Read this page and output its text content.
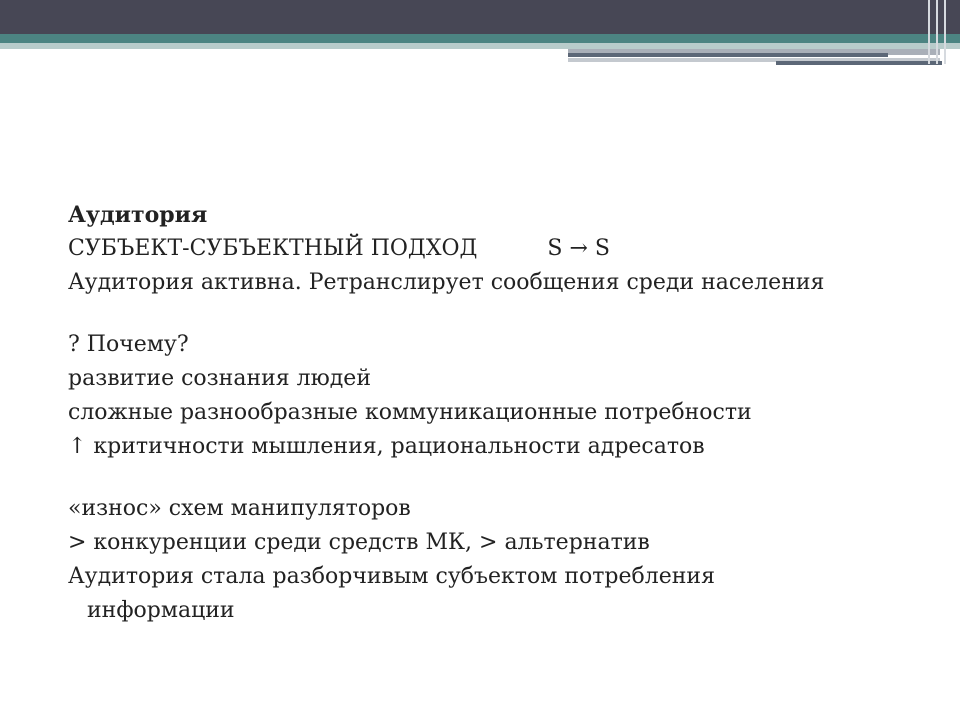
Аудитория
СУБЪЕКТ-СУБЪЕКТНЫЙ ПОДХОД	S → S
Аудитория активна. Ретранслирует сообщения среди населения
? Почему?
развитие сознания людей
сложные разнообразные коммуникационные потребности
↑ критичности мышления, рациональности адресатов
«износ» схем манипуляторов
> конкуренции среди средств МК, > альтернатив
Аудитория стала разборчивым субъектом потребления
информации
